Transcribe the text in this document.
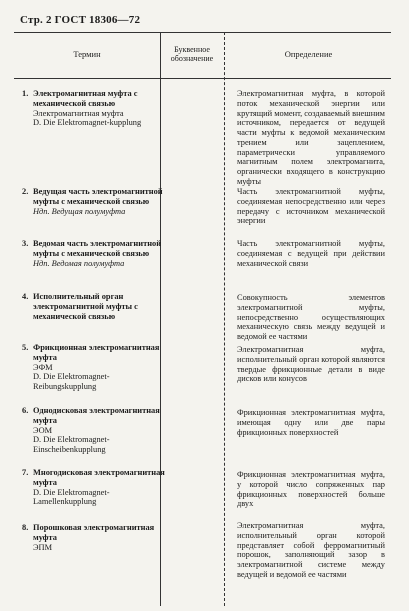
Стр. 2 ГОСТ 18306—72
Термин	Буквенное обозначение	Определение
1. Электромагнитная муфта с механической связью
Электромагнитная муфта
D. Die Elektromagnet-kupplung
Электромагнитная муфта, в которой поток механической энергии или крутящий момент, создаваемый внешним источником, передается от ведущей части муфты к ведомой механическим трением или зацеплением, параметрически управляемого магнитным полем электромагнита, органически входящего в конструкцию муфты
2. Ведущая часть электромагнитной муфты с механической связью
Ндп. Ведущая полумуфта
Часть электромагнитной муфты, соединяемая непосредственно или через передачу с источником механической энергии
3. Ведомая часть электромагнитной муфты с механической связью
Ндп. Ведомая полумуфта
Часть электромагнитной муфты, соединяемая с ведущей при действии механической связи
4. Исполнительный орган электромагнитной муфты с механической связью
Совокупность элементов электромагнитной муфты, непосредственно осуществляющих механическую связь между ведущей и ведомой ее частями
5. Фрикционная электромагнитная муфта
ЭФМ
D. Die Elektromagnet-Reibungskupplung
Электромагнитная муфта, исполнительный орган которой являются твердые фрикционные детали в виде дисков или конусов
6. Однодисковая электромагнитная муфта
ЭОМ
D. Die Elektromagnet-Einscheibenkupplung
Фрикционная электромагнитная муфта, имеющая одну или две пары фрикционных поверхностей
7. Многодисковая электромагнитная муфта
D. Die Elektromagnet-Lamellenkupplung
Фрикционная электромагнитная муфта, у которой число сопряженных пар фрикционных поверхностей больше двух
8. Порошковая электромагнитная муфта
ЭПМ
Электромагнитная муфта, исполнительный орган которой представляет собой ферромагнитный порошок, заполняющий зазор в электромагнитной системе между ведущей и ведомой ее частями
